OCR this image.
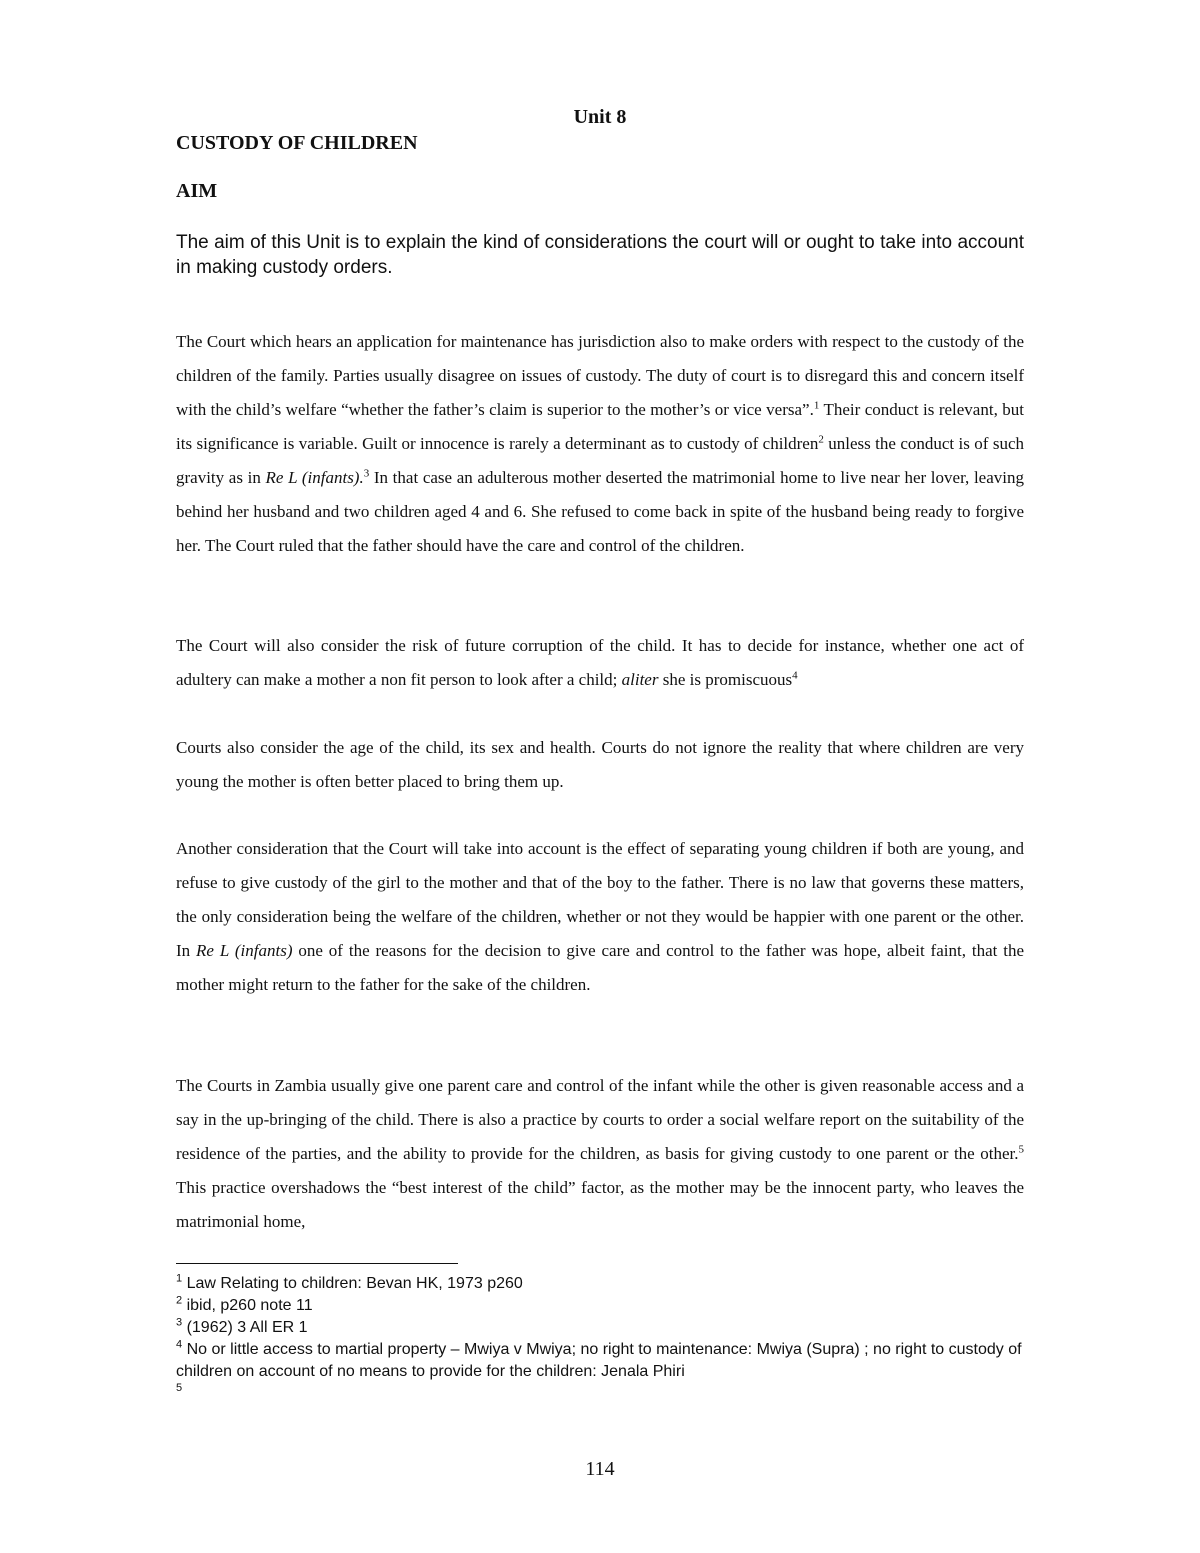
Unit 8
CUSTODY OF CHILDREN
AIM
The aim of this Unit is to explain the kind of considerations the court will or ought to take into account in making custody orders.
The Court which hears an application for maintenance has jurisdiction also to make orders with respect to the custody of the children of the family. Parties usually disagree on issues of custody. The duty of court is to disregard this and concern itself with the child’s welfare “whether the father’s claim is superior to the mother’s or vice versa”.$^1$ Their conduct is relevant, but its significance is variable. Guilt or innocence is rarely a determinant as to custody of children$^2$ unless the conduct is of such gravity as in Re L (infants).$^3$ In that case an adulterous mother deserted the matrimonial home to live near her lover, leaving behind her husband and two children aged 4 and 6. She refused to come back in spite of the husband being ready to forgive her. The Court ruled that the father should have the care and control of the children.
The Court will also consider the risk of future corruption of the child. It has to decide for instance, whether one act of adultery can make a mother a non fit person to look after a child; aliter she is promiscuous$^4$
Courts also consider the age of the child, its sex and health. Courts do not ignore the reality that where children are very young the mother is often better placed to bring them up.
Another consideration that the Court will take into account is the effect of separating young children if both are young, and refuse to give custody of the girl to the mother and that of the boy to the father. There is no law that governs these matters, the only consideration being the welfare of the children, whether or not they would be happier with one parent or the other. In Re L (infants) one of the reasons for the decision to give care and control to the father was hope, albeit faint, that the mother might return to the father for the sake of the children.
The Courts in Zambia usually give one parent care and control of the infant while the other is given reasonable access and a say in the up-bringing of the child. There is also a practice by courts to order a social welfare report on the suitability of the residence of the parties, and the ability to provide for the children, as basis for giving custody to one parent or the other.$^5$ This practice overshadows the “best interest of the child” factor, as the mother may be the innocent party, who leaves the matrimonial home,

$^1$ Law Relating to children: Bevan HK, 1973 p260

$^2$ ibid, p260 note 11

$^3$ (1962) 3 All ER 1

$^4$ No or little access to martial property – Mwiya v Mwiya; no right to maintenance: Mwiya (Supra) ; no right to custody of children on account of no means to provide for the children: Jenala Phiri

5

114
